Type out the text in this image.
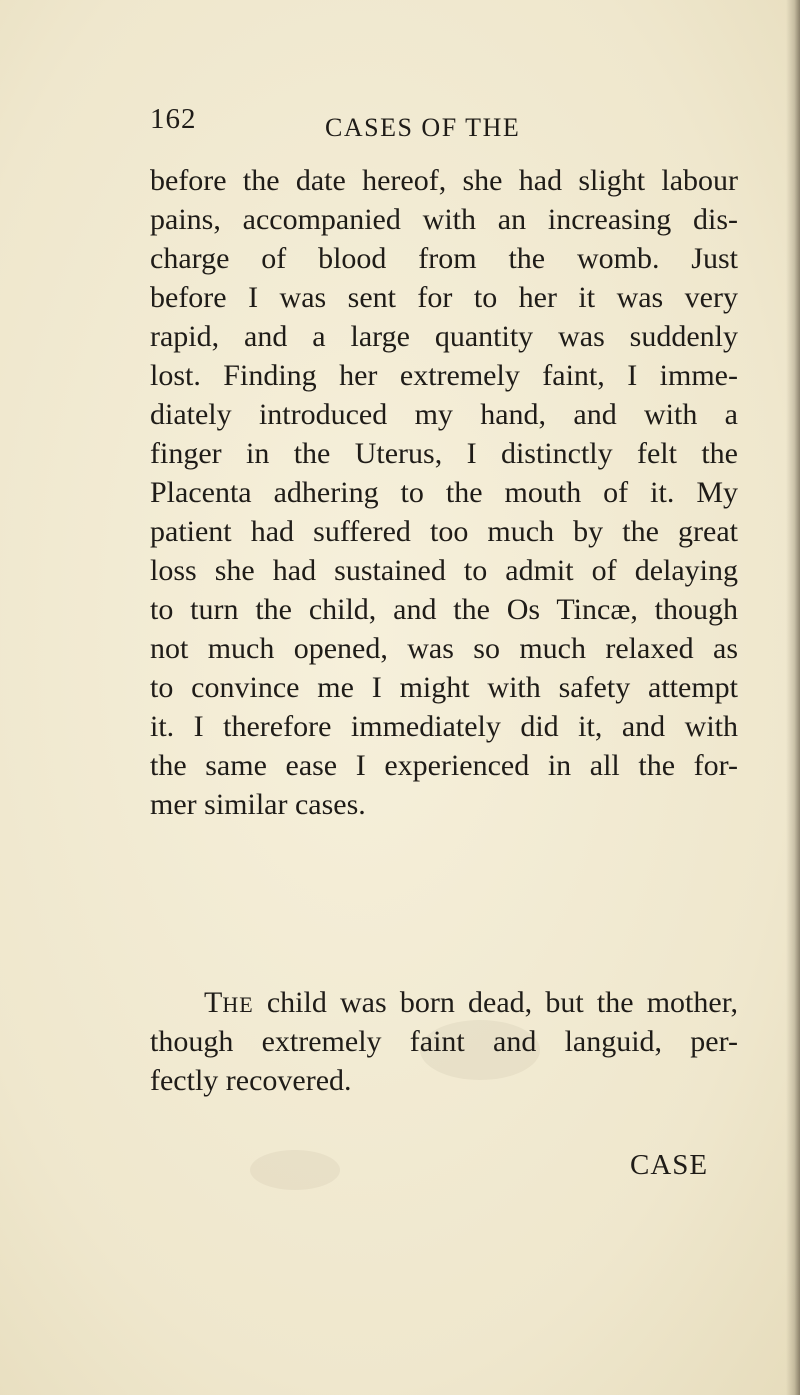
162	CASES OF THE
before the date hereof, she had slight labour
pains, accompanied with an increasing dis-
charge of blood from the womb. Just
before I was sent for to her it was very
rapid, and a large quantity was suddenly
lost. Finding her extremely faint, I imme-
diately introduced my hand, and with a
finger in the Uterus, I distinctly felt the
Placenta adhering to the mouth of it. My
patient had suffered too much by the great
loss she had sustained to admit of delaying
to turn the child, and the Os Tincæ, though
not much opened, was so much relaxed as
to convince me I might with safety attempt
it. I therefore immediately did it, and with
the same ease I experienced in all the for-
mer similar cases.
THE child was born dead, but the mother,
though extremely faint and languid, per-
fectly recovered.
CASE
